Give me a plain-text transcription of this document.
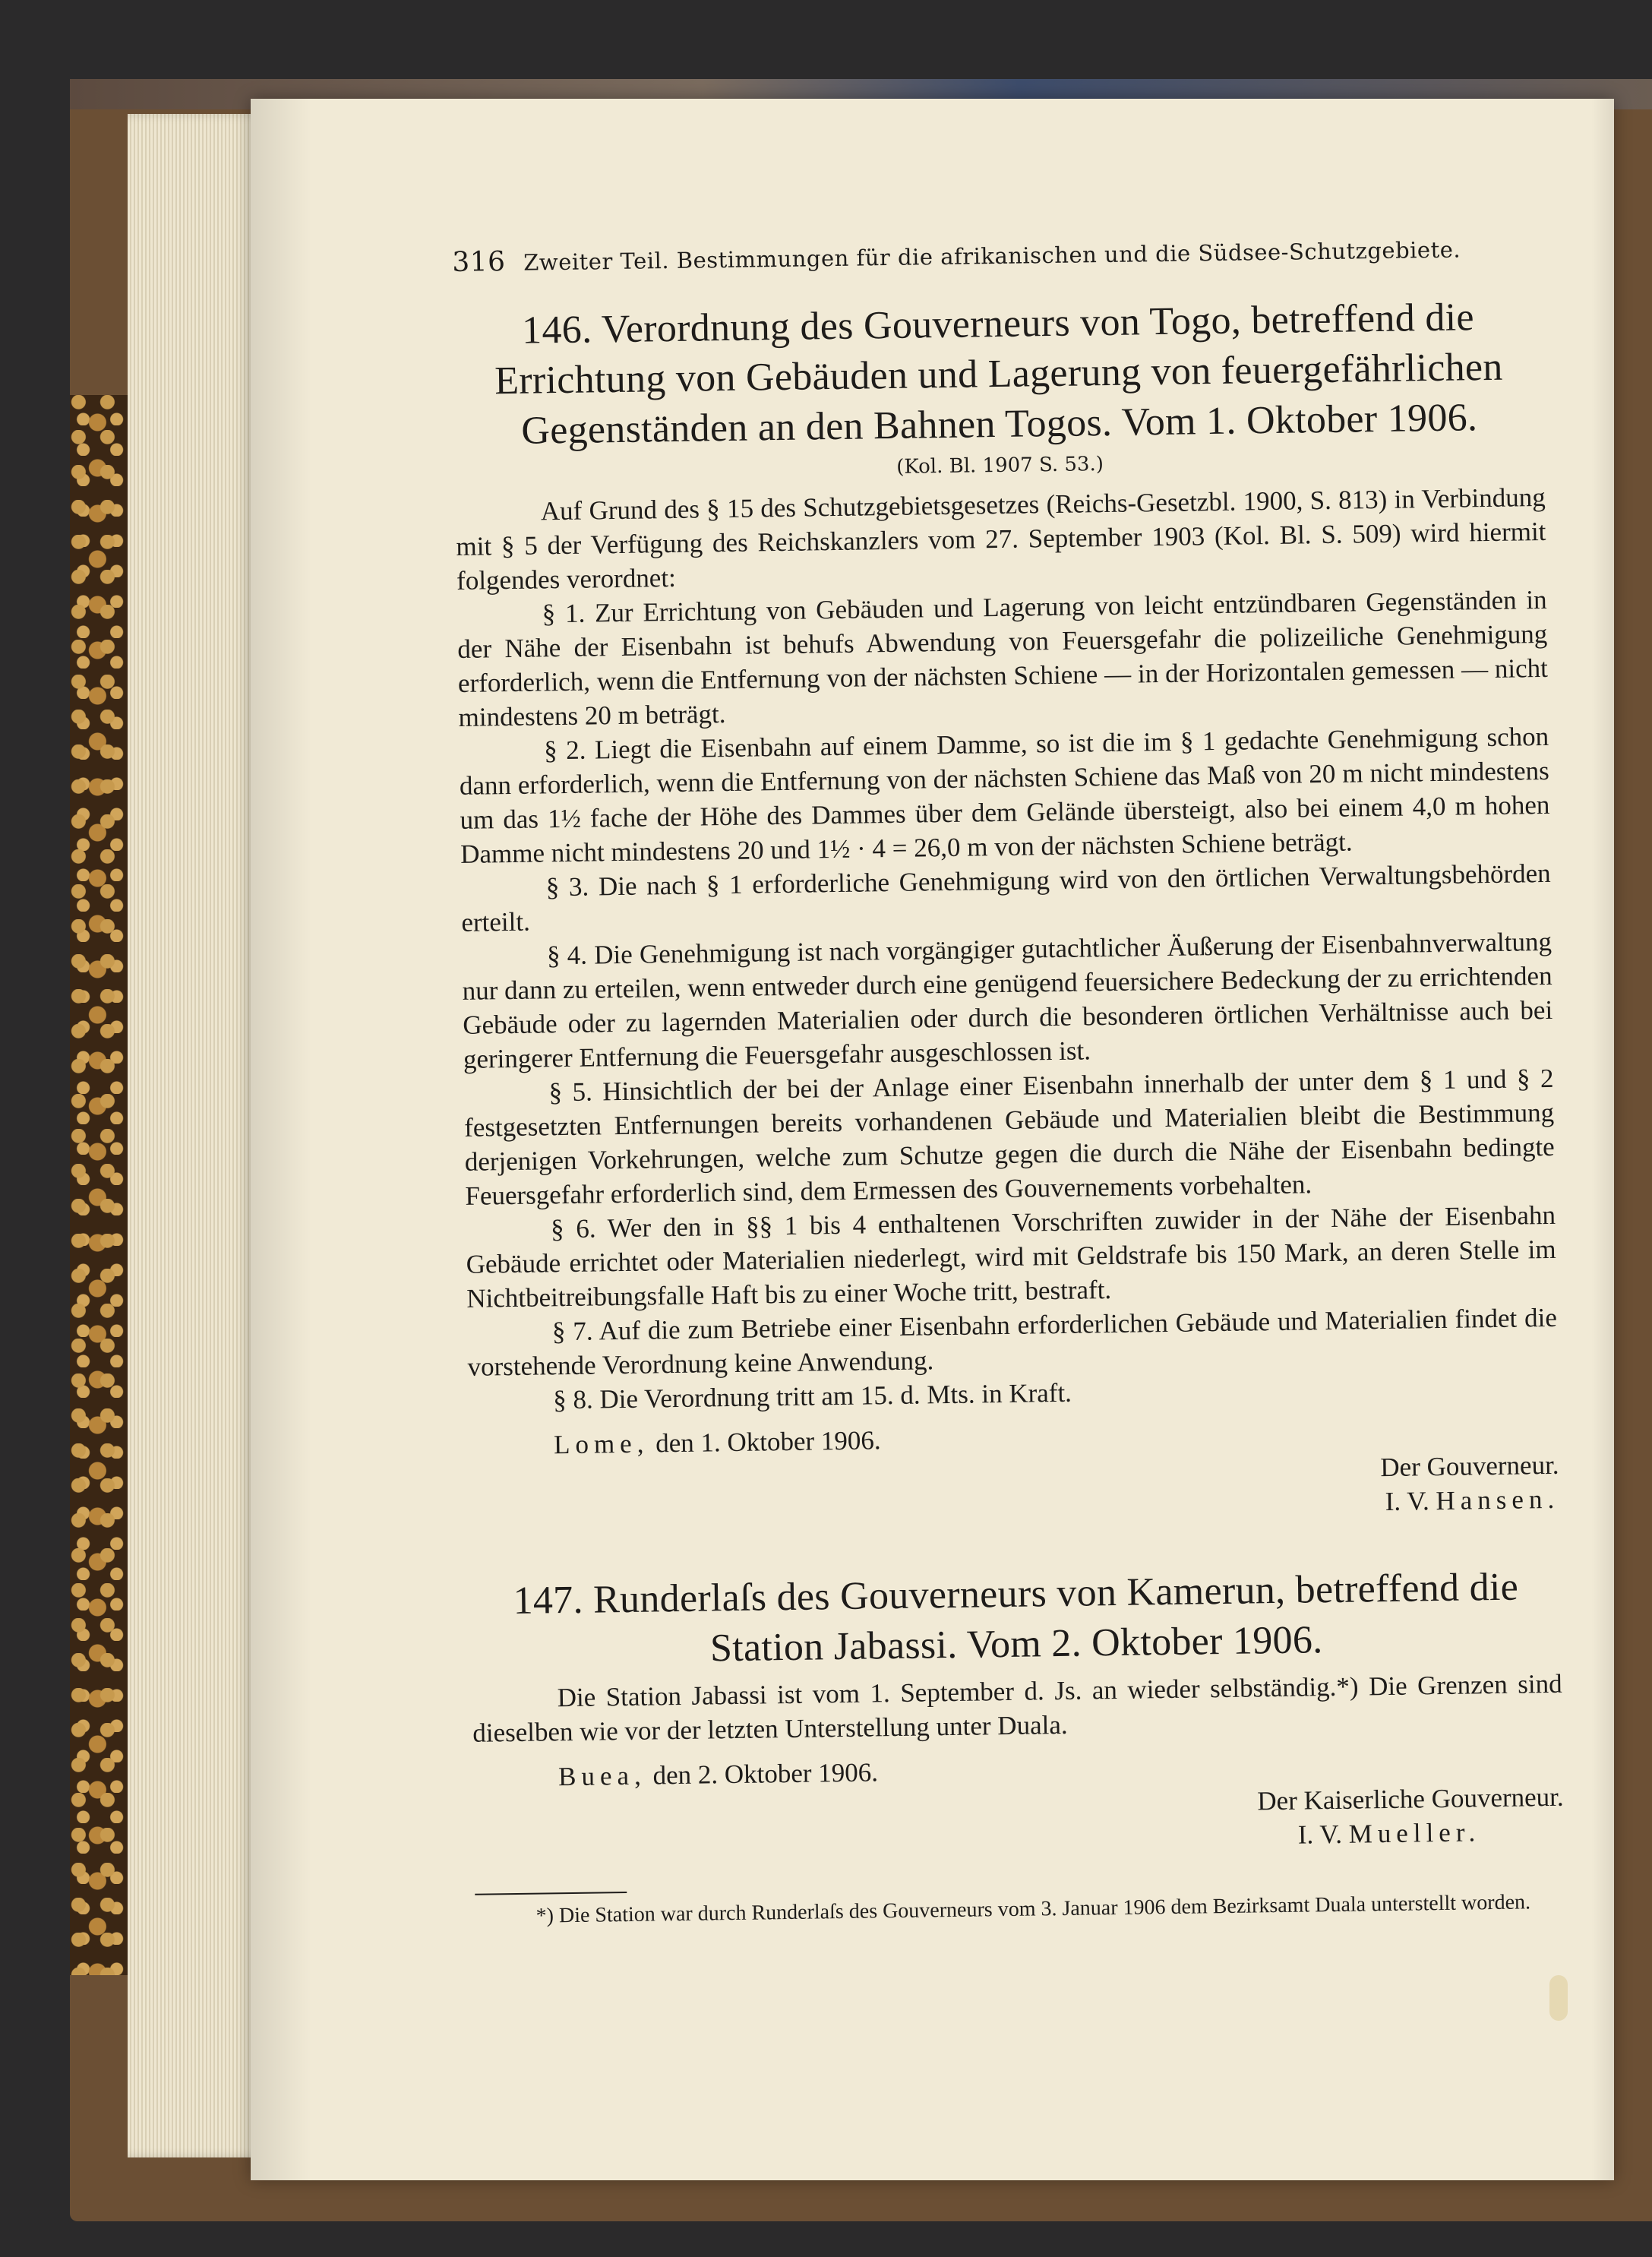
316 Zweiter Teil. Bestimmungen für die afrikanischen und die Südsee-Schutzgebiete.
146. Verordnung des Gouverneurs von Togo, betreffend die Errichtung von Gebäuden und Lagerung von feuergefährlichen Gegenständen an den Bahnen Togos. Vom 1. Oktober 1906.
(Kol. Bl. 1907 S. 53.)

Auf Grund des § 15 des Schutzgebietsgesetzes (Reichs-Gesetzbl. 1900, S. 813) in Verbindung mit § 5 der Verfügung des Reichskanzlers vom 27. September 1903 (Kol. Bl. S. 509) wird hiermit folgendes verordnet:

§ 1. Zur Errichtung von Gebäuden und Lagerung von leicht entzündbaren Gegenständen in der Nähe der Eisenbahn ist behufs Abwendung von Feuersgefahr die polizeiliche Genehmigung erforderlich, wenn die Entfernung von der nächsten Schiene — in der Horizontalen gemessen — nicht mindestens 20 m beträgt.

§ 2. Liegt die Eisenbahn auf einem Damme, so ist die im § 1 gedachte Genehmigung schon dann erforderlich, wenn die Entfernung von der nächsten Schiene das Maß von 20 m nicht mindestens um das 1½ fache der Höhe des Dammes über dem Gelände übersteigt, also bei einem 4,0 m hohen Damme nicht mindestens 20 und 1½ · 4 = 26,0 m von der nächsten Schiene beträgt.

§ 3. Die nach § 1 erforderliche Genehmigung wird von den örtlichen Verwaltungsbehörden erteilt.

§ 4. Die Genehmigung ist nach vorgängiger gutachtlicher Äußerung der Eisenbahnverwaltung nur dann zu erteilen, wenn entweder durch eine genügend feuersichere Bedeckung der zu errichtenden Gebäude oder zu lagernden Materialien oder durch die besonderen örtlichen Verhältnisse auch bei geringerer Entfernung die Feuersgefahr ausgeschlossen ist.

§ 5. Hinsichtlich der bei der Anlage einer Eisenbahn innerhalb der unter dem § 1 und § 2 festgesetzten Entfernungen bereits vorhandenen Gebäude und Materialien bleibt die Bestimmung derjenigen Vorkehrungen, welche zum Schutze gegen die durch die Nähe der Eisenbahn bedingte Feuersgefahr erforderlich sind, dem Ermessen des Gouvernements vorbehalten.

§ 6. Wer den in §§ 1 bis 4 enthaltenen Vorschriften zuwider in der Nähe der Eisenbahn Gebäude errichtet oder Materialien niederlegt, wird mit Geldstrafe bis 150 Mark, an deren Stelle im Nichtbeitreibungsfalle Haft bis zu einer Woche tritt, bestraft.

§ 7. Auf die zum Betriebe einer Eisenbahn erforderlichen Gebäude und Materialien findet die vorstehende Verordnung keine Anwendung.

§ 8. Die Verordnung tritt am 15. d. Mts. in Kraft.

Lome, den 1. Oktober 1906.
Der Gouverneur.
I. V. Hansen.
147. Runderlaſs des Gouverneurs von Kamerun, betreffend die Station Jabassi. Vom 2. Oktober 1906.

Die Station Jabassi ist vom 1. September d. Js. an wieder selbständig.*) Die Grenzen sind dieselben wie vor der letzten Unterstellung unter Duala.

Buea, den 2. Oktober 1906.
Der Kaiserliche Gouverneur.
I. V. Mueller.
*) Die Station war durch Runderlaſs des Gouverneurs vom 3. Januar 1906 dem Bezirksamt Duala unterstellt worden.
